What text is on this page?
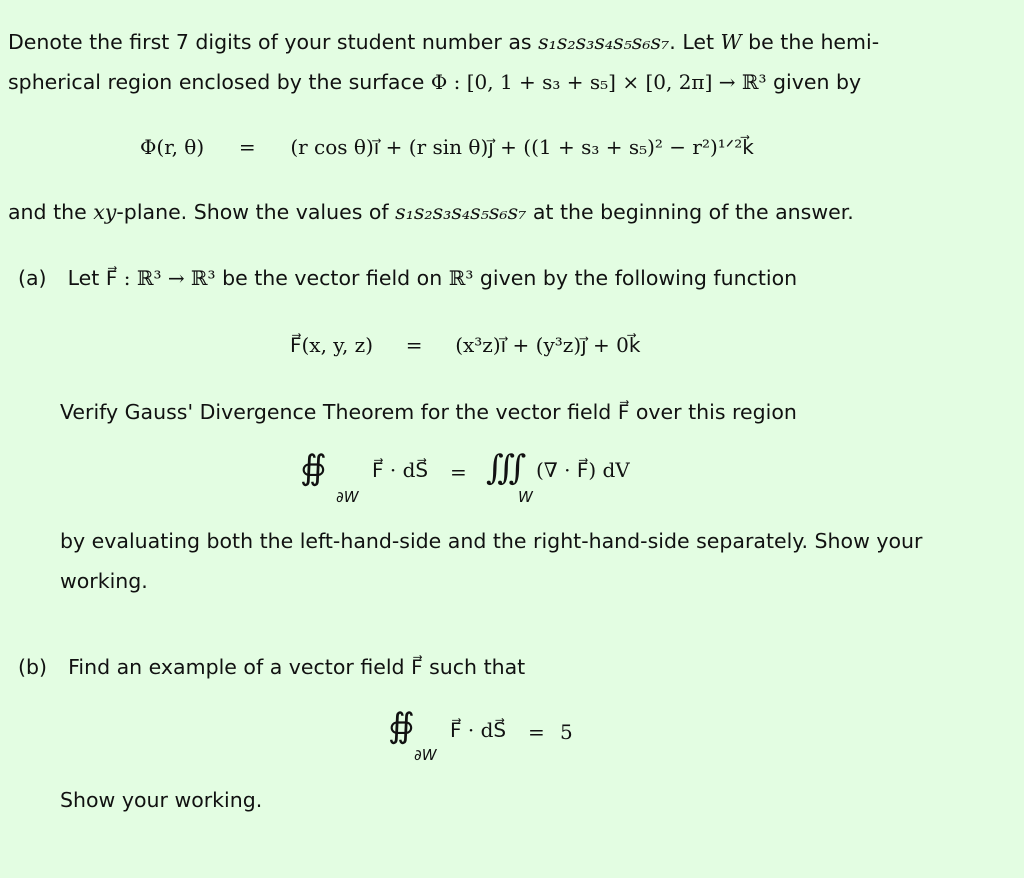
Denote the first 7 digits of your student number as s₁s₂s₃s₄s₅s₆s₇. Let W be the hemi-
spherical region enclosed by the surface Φ : [0, 1 + s₃ + s₅] × [0, 2π] → ℝ³ given by
Φ(r, θ) = (r cos θ)i⃗ + (r sin θ)j⃗ + ((1 + s₃ + s₅)² − r²)¹ᐟ²k⃗
and the xy-plane. Show the values of s₁s₂s₃s₄s₅s₆s₇ at the beginning of the answer.
(a) Let F⃗ : ℝ³ → ℝ³ be the vector field on ℝ³ given by the following function
F⃗(x, y, z) = (x³z)i⃗ + (y³z)j⃗ + 0k⃗
Verify Gauss' Divergence Theorem for the vector field F⃗ over this region
∯
∂W
F⃗ · dS⃗ = ∭
W
(∇ · F⃗) dV
by evaluating both the left-hand-side and the right-hand-side separately. Show your
working.
(b) Find an example of a vector field F⃗ such that
∯
∂W
F⃗ · dS⃗ = 5
Show your working.
